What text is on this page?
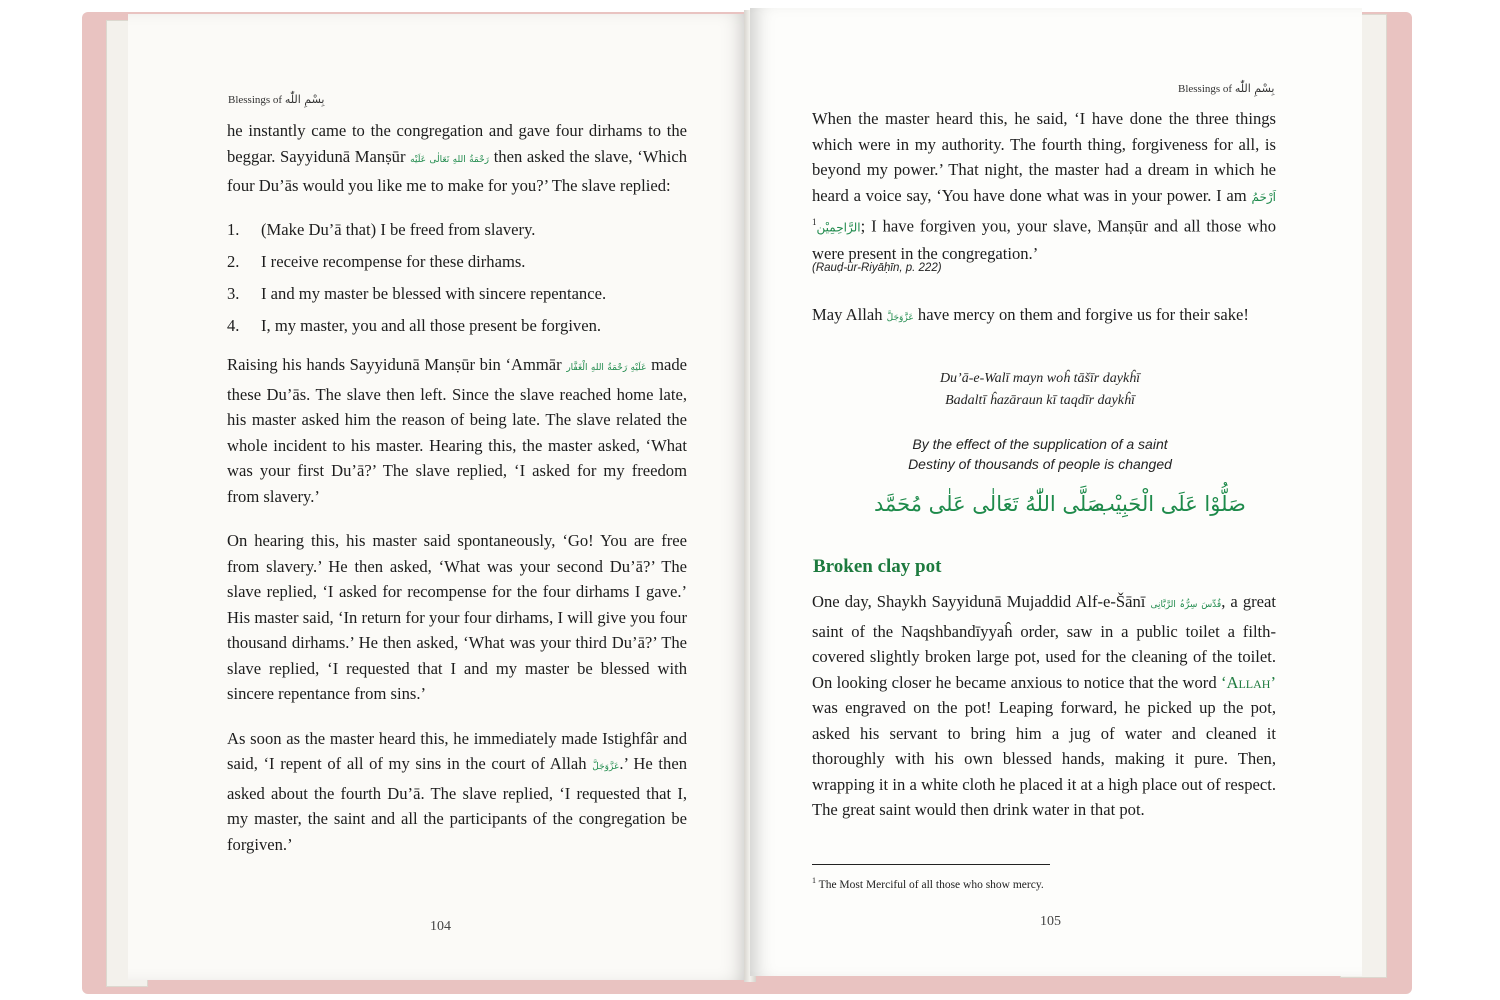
Blessings of بِسْمِ اللّٰه

he instantly came to the congregation and gave four dirhams to the beggar. Sayyidunā Manṣūr رَحْمَةُ اللهِ تَعَالٰى عَلَيْه then asked the slave, ‘Which four Du’ās would you like me to make for you?’ The slave replied:

1.	(Make Du’ā that) I be freed from slavery.
2.	I receive recompense for these dirhams.
3.	I and my master be blessed with sincere repentance.
4.	I, my master, you and all those present be forgiven.

Raising his hands Sayyidunā Manṣūr bin ‘Ammār عَلَيْهِ رَحْمَةُ اللهِ الْغَفَّار made these Du’ās. The slave then left. Since the slave reached home late, his master asked him the reason of being late. The slave related the whole incident to his master. Hearing this, the master asked, ‘What was your first Du’ā?’ The slave replied, ‘I asked for my freedom from slavery.’

On hearing this, his master said spontaneously, ‘Go! You are free from slavery.’ He then asked, ‘What was your second Du’ā?’ The slave replied, ‘I asked for recompense for the four dirhams I gave.’ His master said, ‘In return for your four dirhams, I will give you four thousand dirhams.’ He then asked, ‘What was your third Du’ā?’ The slave replied, ‘I requested that I and my master be blessed with sincere repentance from sins.’

As soon as the master heard this, he immediately made Istighfâr and said, ‘I repent of all of my sins in the court of Allah عَزَّوَجَلَّ.’ He then asked about the fourth Du’ā. The slave replied, ‘I requested that I, my master, the saint and all the participants of the congregation be forgiven.’

104
Blessings of بِسْمِ اللّٰه

When the master heard this, he said, ‘I have done the three things which were in my authority. The fourth thing, forgiveness for all, is beyond my power.’ That night, the master had a dream in which he heard a voice say, ‘You have done what was in your power. I am اَرْحَمُ الرَّاحِمِيْن$^1$	; I have forgiven you, your slave, Manṣūr and all those who were present in the congregation.’

(Rauḍ-ur-Riyāḥīn, p. 222)

May Allah عَزَّوَجَلَّ have mercy on them and forgive us for their sake!

Du’ā-e-Walī mayn woĥ tāšīr daykĥī
Badaltī ĥazāraun kī taqdīr daykĥī
By the effect of the supplication of a saint
Destiny of thousands of people is changed
صَلُّوْا عَلَى الْحَبِيْب
صَلَّى اللّٰهُ تَعَالٰى عَلٰى مُحَمَّد
Broken clay pot

One day, Shaykh Sayyidunā Mujaddid Alf-e-Šānī قُدِّسَ سِرُّہُ الرَّبَّانِی, a great saint of the Naqshbandīyyaĥ order, saw in a public toilet a filth-covered slightly broken large pot, used for the cleaning of the toilet. On looking closer he became anxious to notice that the word ‘Allah’ was engraved on the pot! Leaping forward, he picked up the pot, asked his servant to bring him a jug of water and cleaned it thoroughly with his own blessed hands, making it pure. Then, wrapping it in a white cloth he placed it at a high place out of respect. The great saint would then drink water in that pot.

$^1$ The Most Merciful of all those who show mercy.
105
